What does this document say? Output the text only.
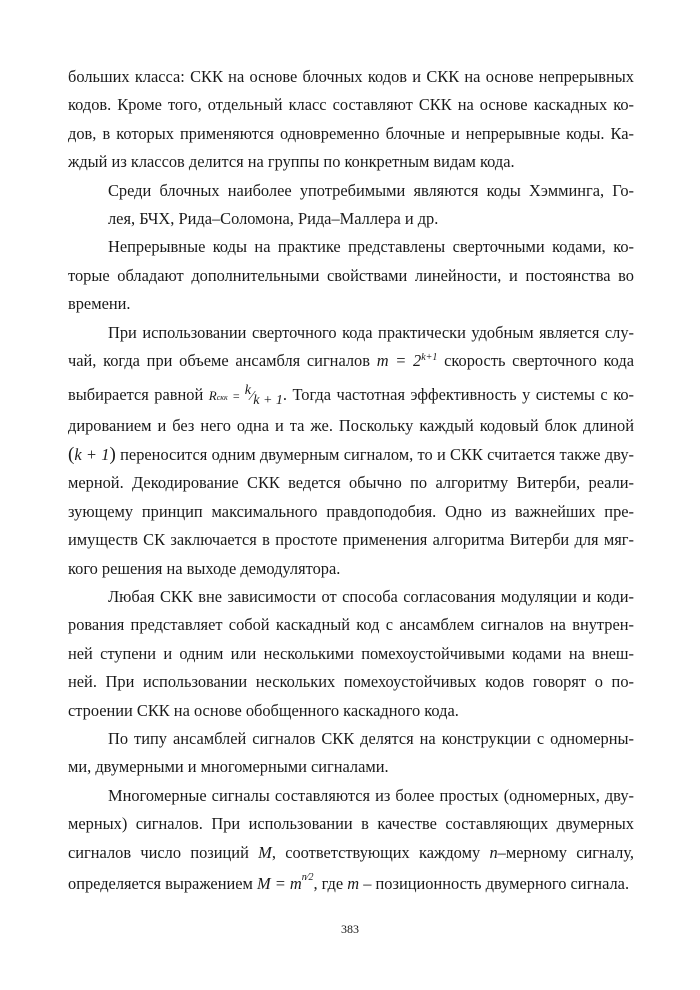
больших класса: СКК на основе блочных кодов и СКК на основе непрерывных
кодов. Кроме того, отдельный класс составляют СКК на основе каскадных ко-
дов, в которых применяются одновременно блочные и непрерывные коды. Ка-
ждый из классов делится на группы по конкретным видам кода.

Среди блочных наиболее употребимыми являются коды Хэмминга, Го-
лея, БЧХ, Рида–Соломона, Рида–Маллера и др.

Непрерывные коды на практике представлены сверточными кодами, ко-
торые обладают дополнительными свойствами линейности, и постоянства во
времени.

При использовании сверточного кода практически удобным является слу-
чай, когда при объеме ансамбля сигналов $m = 2^{k+1}$ скорость сверточного кода
выбирается равной Rскк = k⁄k + 1. Тогда частотная эффективность у системы с ко-
дированием и без него одна и та же. Поскольку каждый кодовый блок длиной
(k + 1) переносится одним двумерным сигналом, то и СКК считается также дву-
мерной. Декодирование СКК ведется обычно по алгоритму Витерби, реали-
зующему принцип максимального правдоподобия. Одно из важнейших пре-
имуществ СК заключается в простоте применения алгоритма Витерби для мяг-
кого решения на выходе демодулятора.

Любая СКК вне зависимости от способа согласования модуляции и коди-
рования представляет собой каскадный код с ансамблем сигналов на внутрен-
ней ступени и одним или несколькими помехоустойчивыми кодами на внеш-
ней. При использовании нескольких помехоустойчивых кодов говорят о по-
строении СКК на основе обобщенного каскадного кода.

По типу ансамблей сигналов СКК делятся на конструкции с одномерны-
ми, двумерными и многомерными сигналами.

Многомерные сигналы составляются из более простых (одномерных, дву-
мерных) сигналов. При использовании в качестве составляющих двумерных
сигналов число позиций M, соответствующих каждому n–мерному сигналу,
определяется выражением $M = m^{n⁄2}$, где m – позиционность двумерного сигнала.

383
